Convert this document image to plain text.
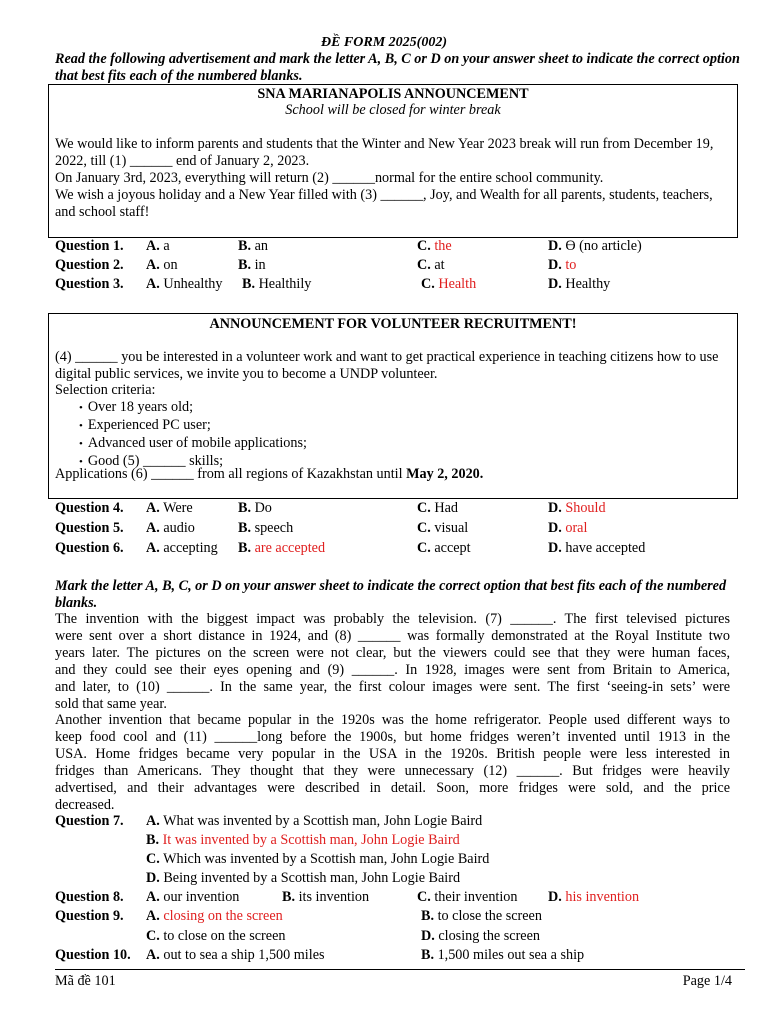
ĐỀ FORM 2025(002)
Read the following advertisement and mark the letter A, B, C or D on your answer sheet to indicate the correct option that best fits each of the numbered blanks.
SNA MARIANAPOLIS ANNOUNCEMENT
School will be closed for winter break
We would like to inform parents and students that the Winter and New Year 2023 break will run from December 19, 2022, till (1) ______ end of January 2, 2023.
On January 3rd, 2023, everything will return (2) ______normal for the entire school community.
We wish a joyous holiday and a New Year filled with (3) ______, Joy, and Wealth for all parents, students, teachers, and school staff!
Question 1. A. a	B. an	C. the	D. Ɵ (no article)
Question 2. A. on	B. in	C. at	D. to
Question 3. A. Unhealthy B. Healthily	C. Health	D. Healthy
ANNOUNCEMENT FOR VOLUNTEER RECRUITMENT!
(4) ______ you be interested in a volunteer work and want to get practical experience in teaching citizens how to use digital public services, we invite you to become a UNDP volunteer.
Selection criteria:
• Over 18 years old;
• Experienced PC user;
• Advanced user of mobile applications;
• Good (5) ______ skills;
Applications (6) ______ from all regions of Kazakhstan until May 2, 2020.
Question 4. A. Were	B. Do	C. Had	D. Should
Question 5. A. audio	B. speech	C. visual	D. oral
Question 6. A. accepting B. are accepted	C. accept	D. have accepted
Mark the letter A, B, C, or D on your answer sheet to indicate the correct option that best fits each of the numbered blanks.
The invention with the biggest impact was probably the television. (7) ______. The first televised pictures
were sent over a short distance in 1924, and (8) ______ was formally demonstrated at the Royal Institute two
years later. The pictures on the screen were not clear, but the viewers could see that they were human faces,
and they could see their eyes opening and (9) ______. In 1928, images were sent from Britain to America,
and later, to (10) ______. In the same year, the first colour images were sent. The first ‘seeing-in sets’ were
sold that same year.
Another invention that became popular in the 1920s was the home refrigerator. People used different ways to
keep food cool and (11) ______long before the 1900s, but home fridges weren’t invented until 1913 in the
USA. Home fridges became very popular in the USA in the 1920s. British people were less interested in
fridges than Americans. They thought that they were unnecessary (12) ______. But fridges were heavily
advertised, and their advantages were described in detail. Soon, more fridges were sold, and the price
decreased.
Question 7. A. What was invented by a Scottish man, John Logie Baird
B. It was invented by a Scottish man, John Logie Baird
C. Which was invented by a Scottish man, John Logie Baird
D. Being invented by a Scottish man, John Logie Baird
Question 8. A. our invention	B. its invention	C. their invention D. his invention
Question 9. A. closing on the screen	B. to close the screen
C. to close on the screen	D. closing the screen
Question 10. A. out to sea a ship 1,500 miles	B. 1,500 miles out sea a ship
Mã đề 101	Page 1/4
